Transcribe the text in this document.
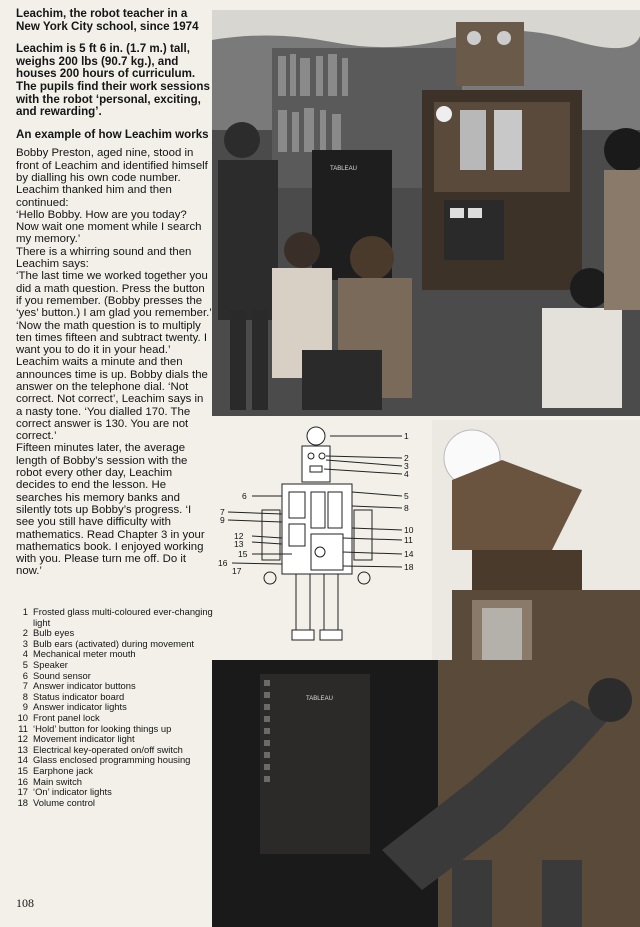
Leachim, the robot teacher in a New York City school, since 1974

Leachim is 5 ft 6 in. (1.7 m.) tall, weighs 200 lbs (90.7 kg.), and houses 200 hours of curriculum. The pupils find their work sessions with the robot ‘personal, exciting, and rewarding’.

An example of how Leachim works

Bobby Preston, aged nine, stood in front of Leachim and identified himself by dialling his own code number. Leachim thanked him and then continued:

‘Hello Bobby. How are you today? Now wait one moment while I search my memory.’

There is a whirring sound and then Leachim says:

‘The last time we worked together you did a math question. Press the button if you remember. (Bobby presses the ‘yes’ button.) I am glad you remember.’ ‘Now the math question is to multiply ten times fifteen and subtract twenty. I want you to do it in your head.’

Leachim waits a minute and then announces time is up. Bobby dials the answer on the telephone dial. ‘Not correct. Not correct’, Leachim says in a nasty tone. ‘You dialled 170. The correct answer is 130. You are not correct.’

Fifteen minutes later, the average length of Bobby’s session with the robot every other day, Leachim decides to end the lesson. He searches his memory banks and silently tots up Bobby’s progress. ‘I see you still have difficulty with mathematics. Read Chapter 3 in your mathematics book. I enjoyed working with you. Please turn me off. Do it now.’

1 Frosted glass multi-coloured ever-changing light
2 Bulb eyes
3 Bulb ears (activated) during movement
4 Mechanical meter mouth
5 Speaker
6 Sound sensor
7 Answer indicator buttons
8 Status indicator board
9 Answer indicator lights
10 Front panel lock
11 ‘Hold’ button for looking things up
12 Movement indicator light
13 Electrical key-operated on/off switch
14 Glass enclosed programming housing
15 Earphone jack
16 Main switch
17 ‘On’ indicator lights
18 Volume control
108
TABLEAU
1
2
3
4
5
6
7	8
9
10
11
12
13
14
15
16
17	18
TABLEAU
